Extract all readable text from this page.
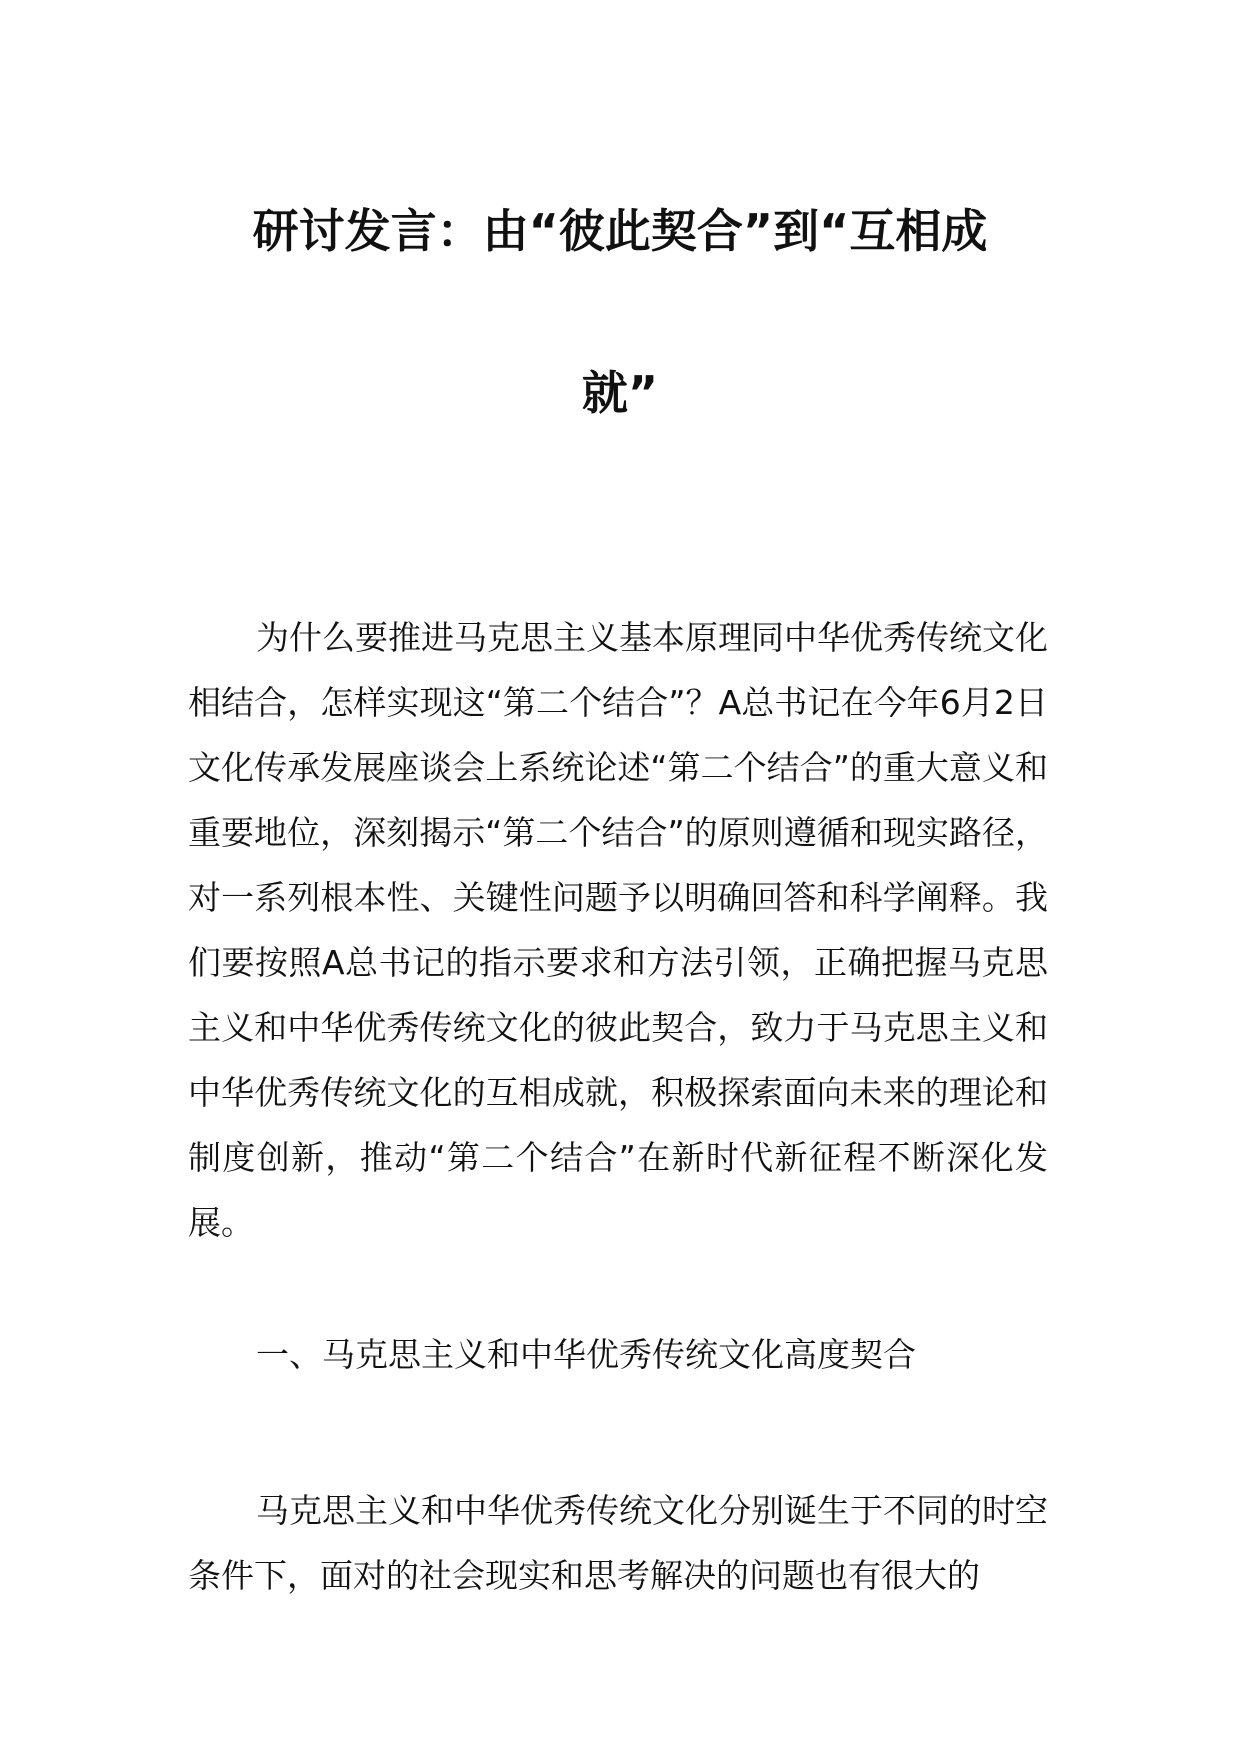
研讨发言：由“彼此契合”到“互相成
就”

为什么要推进马克思主义基本原理同中华优秀传统文化相结合，怎样实现这“第二个结合”？A总书记在今年6月2日文化传承发展座谈会上系统论述“第二个结合”的重大意义和重要地位，深刻揭示“第二个结合”的原则遵循和现实路径，对一系列根本性、关键性问题予以明确回答和科学阐释。我们要按照A总书记的指示要求和方法引领，正确把握马克思主义和中华优秀传统文化的彼此契合，致力于马克思主义和中华优秀传统文化的互相成就，积极探索面向未来的理论和制度创新，推动“第二个结合”在新时代新征程不断深化发展。

一、马克思主义和中华优秀传统文化高度契合

马克思主义和中华优秀传统文化分别诞生于不同的时空条件下，面对的社会现实和思考解决的问题也有很大的
